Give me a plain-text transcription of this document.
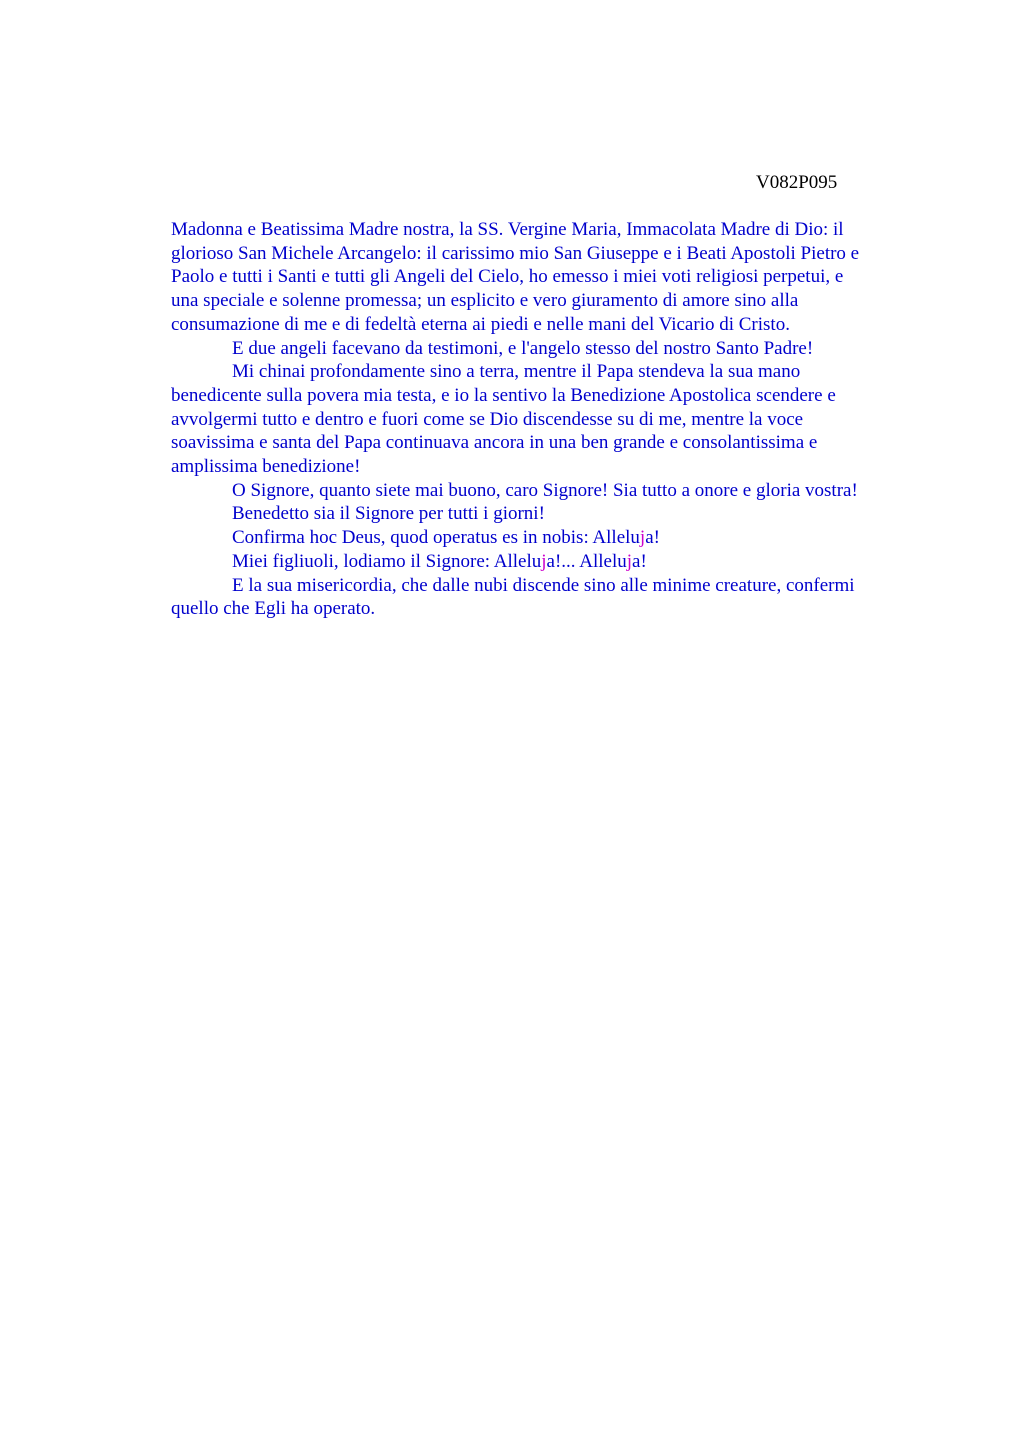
V082P095
Madonna e Beatissima Madre nostra, la SS. Vergine Maria, Immacolata Madre di Dio: il
glorioso San Michele Arcangelo: il carissimo mio San Giuseppe e i Beati Apostoli Pietro e
Paolo e tutti i Santi e tutti gli Angeli del Cielo, ho emesso i miei voti religiosi perpetui, e
una speciale e solenne promessa; un esplicito e vero giuramento di amore sino alla
consumazione di me e di fedeltà eterna ai piedi e nelle mani del Vicario di Cristo.
E due angeli facevano da testimoni, e l'angelo stesso del nostro Santo Padre!
Mi chinai profondamente sino a terra, mentre il Papa stendeva la sua mano
benedicente sulla povera mia testa, e io la sentivo la Benedizione Apostolica scendere e
avvolgermi tutto e dentro e fuori come se Dio discendesse su di me, mentre la voce
soavissima e santa del Papa continuava ancora in una ben grande e consolantissima e
amplissima benedizione!
O Signore, quanto siete mai buono, caro Signore! Sia tutto a onore e gloria vostra!
Benedetto sia il Signore per tutti i giorni!
Confirma hoc Deus, quod operatus es in nobis: Alleluja!
Miei figliuoli, lodiamo il Signore: Alleluja!... Alleluja!
E la sua misericordia, che dalle nubi discende sino alle minime creature, confermi
quello che Egli ha operato.
